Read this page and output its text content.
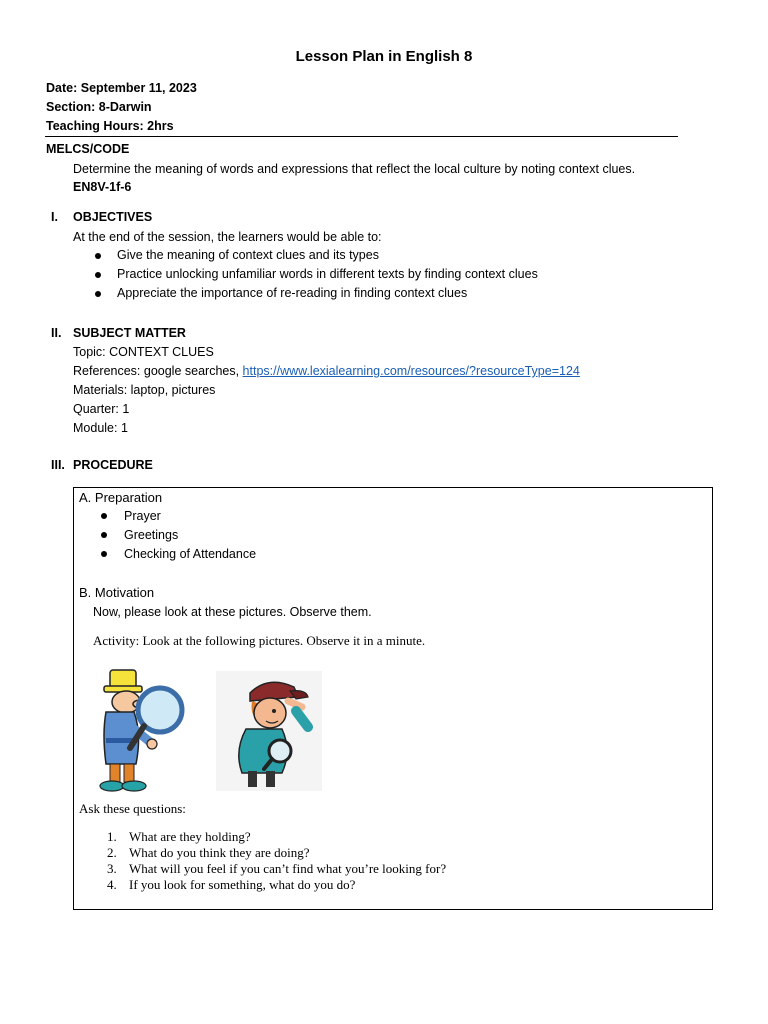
Lesson Plan in English 8
Date: September 11, 2023
Section: 8-Darwin
Teaching Hours: 2hrs
MELCS/CODE
Determine the meaning of words and expressions that reflect the local culture by noting context clues.
EN8V-1f-6
I. OBJECTIVES
At the end of the session, the learners would be able to:
Give the meaning of context clues and its types
Practice unlocking unfamiliar words in different texts by finding context clues
Appreciate the importance of re-reading in finding context clues
II. SUBJECT MATTER
Topic: CONTEXT CLUES
References: google searches, https://www.lexialearning.com/resources/?resourceType=124
Materials: laptop, pictures
Quarter: 1
Module: 1
III. PROCEDURE
A. Preparation
Prayer
Greetings
Checking of Attendance
B. Motivation
Now, please look at these pictures. Observe them.
Activity: Look at the following pictures. Observe it in a minute.
Ask these questions:
1. What are they holding?
2. What do you think they are doing?
3. What will you feel if you can’t find what you’re looking for?
4. If you look for something, what do you do?
